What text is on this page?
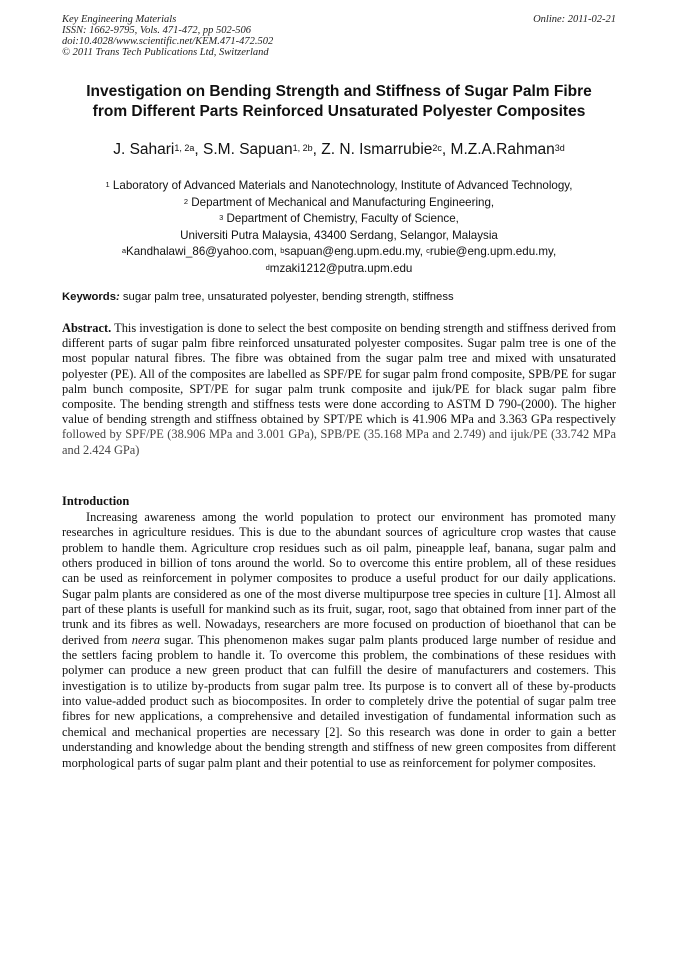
Key Engineering Materials	Online: 2011-02-21
ISSN: 1662-9795, Vols. 471-472, pp 502-506
doi:10.4028/www.scientific.net/KEM.471-472.502
© 2011 Trans Tech Publications Ltd, Switzerland
Investigation on Bending Strength and Stiffness of Sugar Palm Fibre
from Different Parts Reinforced Unsaturated Polyester Composites
J. Sahari$^{1, 2a}$, S.M. Sapuan$^{1, 2b}$, Z. N. Ismarrubie$^{2c}$, M.Z.A.Rahman$^{3d}$
$^1$ Laboratory of Advanced Materials and Nanotechnology, Institute of Advanced Technology,
$^2$ Department of Mechanical and Manufacturing Engineering,
$^3$ Department of Chemistry, Faculty of Science,
Universiti Putra Malaysia, 43400 Serdang, Selangor, Malaysia
$^a$Kandhalawi_86@yahoo.com, $^b$sapuan@eng.upm.edu.my, $^c$rubie@eng.upm.edu.my,
$^d$mzaki1212@putra.upm.edu
Keywords: sugar palm tree, unsaturated polyester, bending strength, stiffness
Abstract. This investigation is done to select the best composite on bending strength and stiffness derived from different parts of sugar palm fibre reinforced unsaturated polyester composites. Sugar palm tree is one of the most popular natural fibres. The fibre was obtained from the sugar palm tree and mixed with unsaturated polyester (PE). All of the composites are labelled as SPF/PE for sugar palm frond composite, SPB/PE for sugar palm bunch composite, SPT/PE for sugar palm trunk composite and ijuk/PE for black sugar palm fibre composite. The bending strength and stiffness tests were done according to ASTM D 790-(2000). The higher value of bending strength and stiffness obtained by SPT/PE which is 41.906 MPa and 3.363 GPa respectively followed by SPF/PE (38.906 MPa and 3.001 GPa), SPB/PE (35.168 MPa and 2.749) and ijuk/PE (33.742 MPa and 2.424 GPa)
Introduction
Increasing awareness among the world population to protect our environment has promoted many researches in agriculture residues. This is due to the abundant sources of agriculture crop wastes that cause problem to handle them. Agriculture crop residues such as oil palm, pineapple leaf, banana, sugar palm and others produced in billion of tons around the world. So to overcome this entire problem, all of these residues can be used as reinforcement in polymer composites to produce a useful product for our daily applications. Sugar palm plants are considered as one of the most diverse multipurpose tree species in culture [1]. Almost all part of these plants is usefull for mankind such as its fruit, sugar, root, sago that obtained from inner part of the trunk and its fibres as well. Nowadays, researchers are more focused on production of bioethanol that can be derived from neera sugar. This phenomenon makes sugar palm plants produced large number of residue and the settlers facing problem to handle it. To overcome this problem, the combinations of these residues with polymer can produce a new green product that can fulfill the desire of manufacturers and costemers. This investigation is to utilize by-products from sugar palm tree. Its purpose is to convert all of these by-products into value-added product such as biocomposites. In order to completely drive the potential of sugar palm tree fibres for new applications, a comprehensive and detailed investigation of fundamental information such as chemical and mechanical properties are necessary [2]. So this research was done in order to gain a better understanding and knowledge about the bending strength and stiffness of new green composites from different morphological parts of sugar palm plant and their potential to use as reinforcement for polymer composites.
